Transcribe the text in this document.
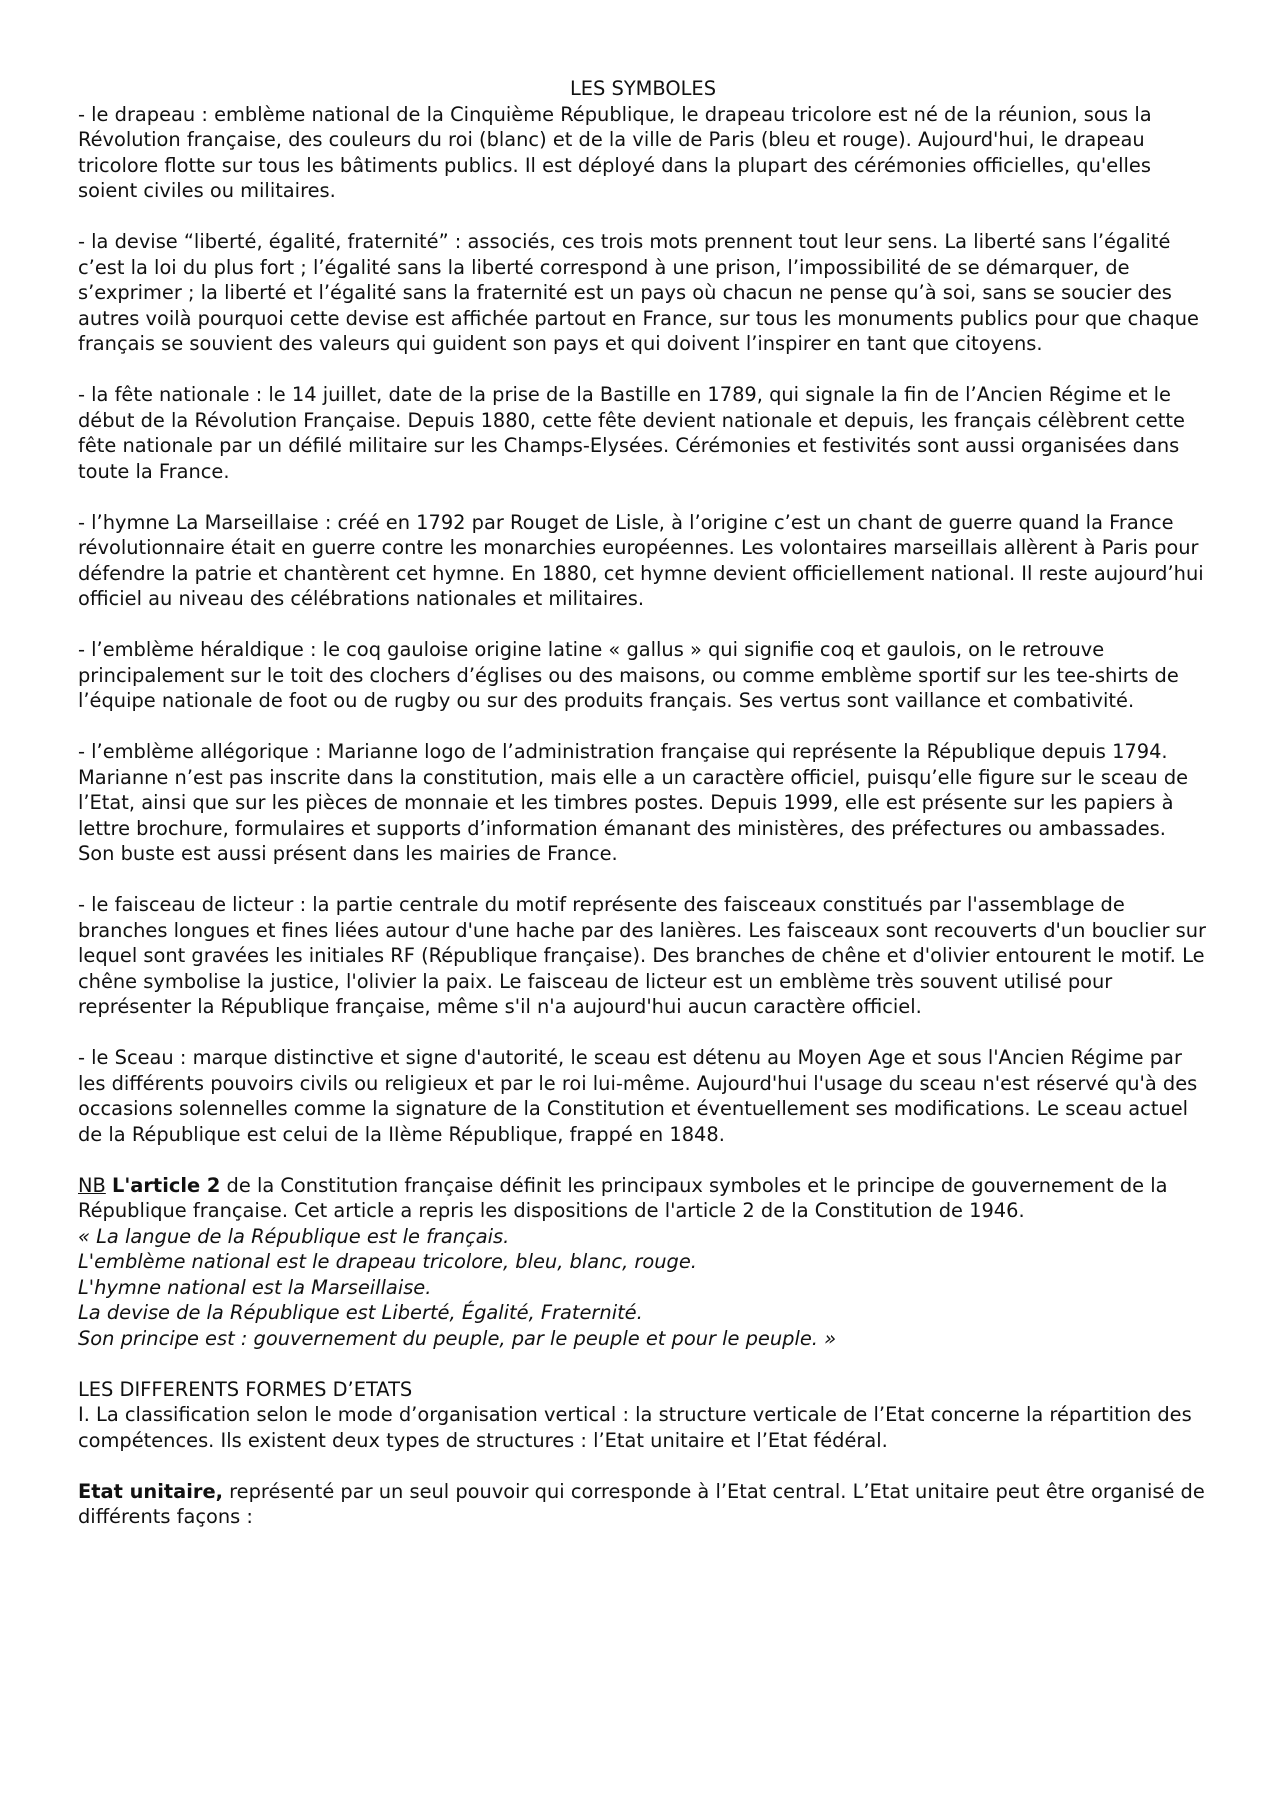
LES SYMBOLES
- le drapeau : emblème national de la Cinquième République, le drapeau tricolore est né de la réunion, sous la Révolution française, des couleurs du roi (blanc) et de la ville de Paris (bleu et rouge). Aujourd'hui, le drapeau tricolore flotte sur tous les bâtiments publics. Il est déployé dans la plupart des cérémonies officielles, qu'elles soient civiles ou militaires.
- la devise “liberté, égalité, fraternité” : associés, ces trois mots prennent tout leur sens. La liberté sans l’égalité c’est la loi du plus fort ; l’égalité sans la liberté correspond à une prison, l’impossibilité de se démarquer, de s’exprimer ; la liberté et l’égalité sans la fraternité est un pays où chacun ne pense qu’à soi, sans se soucier des autres voilà pourquoi cette devise est affichée partout en France, sur tous les monuments publics pour que chaque français se souvient des valeurs qui guident son pays et qui doivent l’inspirer en tant que citoyens.
- la fête nationale : le 14 juillet, date de la prise de la Bastille en 1789, qui signale la fin de l’Ancien Régime et le début de la Révolution Française. Depuis 1880, cette fête devient nationale et depuis, les français célèbrent cette fête nationale par un défilé militaire sur les Champs-Elysées. Cérémonies et festivités sont aussi organisées dans toute la France.
- l’hymne La Marseillaise : créé en 1792 par Rouget de Lisle, à l’origine c’est un chant de guerre quand la France révolutionnaire était en guerre contre les monarchies européennes. Les volontaires marseillais allèrent à Paris pour défendre la patrie et chantèrent cet hymne. En 1880, cet hymne devient officiellement national. Il reste aujourd’hui officiel au niveau des célébrations nationales et militaires.
- l’emblème héraldique : le coq gauloise origine latine « gallus » qui signifie coq et gaulois, on le retrouve principalement sur le toit des clochers d’églises ou des maisons, ou comme emblème sportif sur les tee-shirts de l’équipe nationale de foot ou de rugby ou sur des produits français. Ses vertus sont vaillance et combativité.
- l’emblème allégorique : Marianne logo de l’administration française qui représente la République depuis 1794. Marianne n’est pas inscrite dans la constitution, mais elle a un caractère officiel, puisqu’elle figure sur le sceau de l’Etat, ainsi que sur les pièces de monnaie et les timbres postes. Depuis 1999, elle est présente sur les papiers à lettre brochure, formulaires et supports d’information émanant des ministères, des préfectures ou ambassades. Son buste est aussi présent dans les mairies de France.
- le faisceau de licteur : la partie centrale du motif représente des faisceaux constitués par l'assemblage de branches longues et fines liées autour d'une hache par des lanières. Les faisceaux sont recouverts d'un bouclier sur lequel sont gravées les initiales RF (République française). Des branches de chêne et d'olivier entourent le motif. Le chêne symbolise la justice, l'olivier la paix. Le faisceau de licteur est un emblème très souvent utilisé pour représenter la République française, même s'il n'a aujourd'hui aucun caractère officiel.
- le Sceau : marque distinctive et signe d'autorité, le sceau est détenu au Moyen Age et sous l'Ancien Régime par les différents pouvoirs civils ou religieux et par le roi lui-même. Aujourd'hui l'usage du sceau n'est réservé qu'à des occasions solennelles comme la signature de la Constitution et éventuellement ses modifications. Le sceau actuel de la République est celui de la IIème République, frappé en 1848.

NB L'article 2 de la Constitution française définit les principaux symboles et le principe de gouvernement de la République française. Cet article a repris les dispositions de l'article 2 de la Constitution de 1946.

« La langue de la République est le français.

L'emblème national est le drapeau tricolore, bleu, blanc, rouge.

L'hymne national est la Marseillaise.

La devise de la République est Liberté, Égalité, Fraternité.

Son principe est : gouvernement du peuple, par le peuple et pour le peuple. »

LES DIFFERENTS FORMES D’ETATS

I. La classification selon le mode d’organisation vertical : la structure verticale de l’Etat concerne la répartition des compétences. Ils existent deux types de structures : l’Etat unitaire et l’Etat fédéral.

Etat unitaire, représenté par un seul pouvoir qui corresponde à l’Etat central. L’Etat unitaire peut être organisé de différents façons :
